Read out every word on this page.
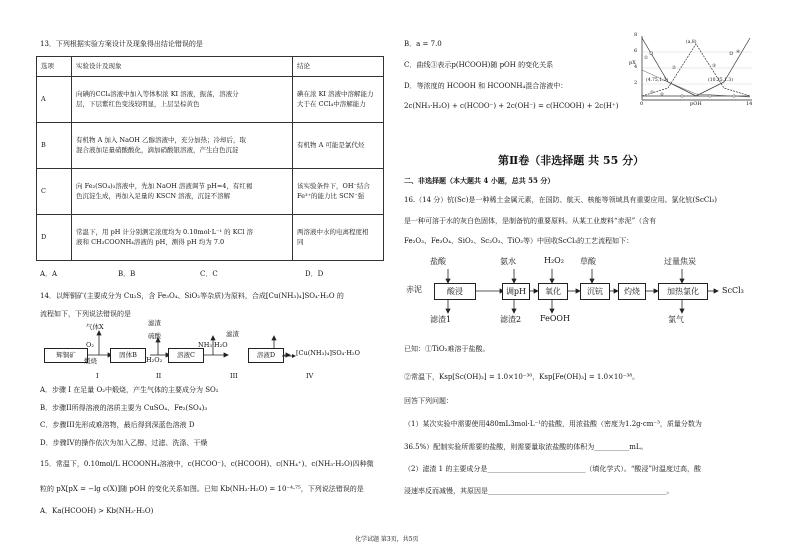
13．下列根据实验方案设计及现象得出结论错误的是
选项	实验设计及现象	结论
A	向碘的CCl₄溶液中加入等体积浓 KI 溶液，振荡，溶液分
层，下层紫红色变浅较明显，上层呈棕黄色	碘在浓 KI 溶液中溶解能力
大于在 CCl₄中溶解能力
B	有机物 A 加入 NaOH 乙醇溶液中，充分加热；冷却后，取
混合液加足量硝酸酸化，滴加硝酸银溶液，产生白色沉淀	有机物 A 可能是氯代烃
C	向 Fe₂(SO₄)₃溶液中，先加 NaOH 溶液调节 pH=4，有红褐
色沉淀生成，再加入足量的 KSCN 溶液，沉淀不溶解	该实验条件下，OH⁻结合
Fe³⁺的能力比 SCN⁻强
D	常温下，用 pH 计分别测定浓度均为 0.10mol·L⁻¹ 的 KCl 溶
液和 CH₃COONH₄溶液的 pH，测得 pH 均为 7.0	两溶液中水的电离程度相
同
A．A	B．B	C．C	D．D
14．以辉铜矿(主要成分为 Cu₂S，含 Fe₃O₄、SiO₂等杂质)为原料，合成[Cu(NH₃)₄]SO₄·H₂O 的
流程如下，下列说法错误的是
辉铜矿
气体X
O₂
煅烧
固体B
硫酸
H₂O₂
滤渣
溶液C
NH₃·H₂O
滤渣
溶液D	[Cu(NH₃)₄]SO₄·H₂O
I	II	III	IV
A．步骤 I 在足量 O₂中煅烧，产生气体的主要成分为 SO₂
B．步骤II所得溶液的溶质主要为 CuSO₄、Fe₂(SO₄)₃
C．步骤III先形成难溶物，最后得到深蓝色溶液 D
D．步骤IV的操作依次为加入乙醇、过滤、洗涤、干燥
15．常温下，0.10mol/L HCOONH₄溶液中，c(HCOO⁻)、c(HCOOH)、c(NH₄⁺)、c(NH₃·H₂O)四种微
粒的 pX[pX = −lg c(X)]随 pOH 的变化关系如图。已知 Kb(NH₃·H₂O) = 10⁻⁴·⁷⁵，下列说法错误的是
A．Ka(HCOOH) > Kb(NH₃·H₂O)
B．a = 7.0
C．曲线③表示p(HCOOH)随 pOH 的变化关系
D．等浓度的 HCOOH 和 HCOONH₄混合溶液中：
2c(NH₃·H₂O) + c(HCOO⁻) + 2c(OH⁻) = c(HCOOH) + 2c(H⁺)
pX
8
6
4
2
0	pOH	14
(a,8)
(4.75,1.3)	(10.25,1.3)
①
②	③
④
第Ⅱ卷（非选择题 共 55 分）
二、非选择题（本大题共 4 小题，总共 55 分）
16.（14 分）钪(Sc)是一种稀土金属元素，在国防、航天、核能等领域具有重要应用。氯化钪(ScCl₃)
是一种可溶于水的灰白色固体，是制备钪的重要原料。从某工业废料“赤泥”（含有
Fe₂O₃、Fe₃O₄、SiO₂、Sc₂O₃、TiO₂等）中回收ScCl₃的工艺流程如下：
赤泥
盐酸
酸浸
滤渣1
氨水
调pH
滤渣2
H₂O₂
氧化
FeOOH
草酸
沉钪	灼烧
过量焦炭
加热氯化
氯气
ScCl₃
已知：①TiO₂难溶于盐酸。
②常温下，Ksp[Sc(OH)₃] = 1.0×10⁻³⁰，Ksp[Fe(OH)₃] = 1.0×10⁻³⁸。
回答下列问题：
（1）某次实验中需要使用480mL3mol·L⁻¹的盐酸，用浓盐酸（密度为1.2g·cm⁻³，质量分数为
36.5%）配制实验所需要的盐酸，则需要量取浓盐酸的体积为__________mL。
（2）滤渣 1 的主要成分是____________________________（填化学式）。“酸浸”时温度过高，酸
浸速率反而减慢，其原因是___________________________________________________。
化学试题 第3页，共5页
